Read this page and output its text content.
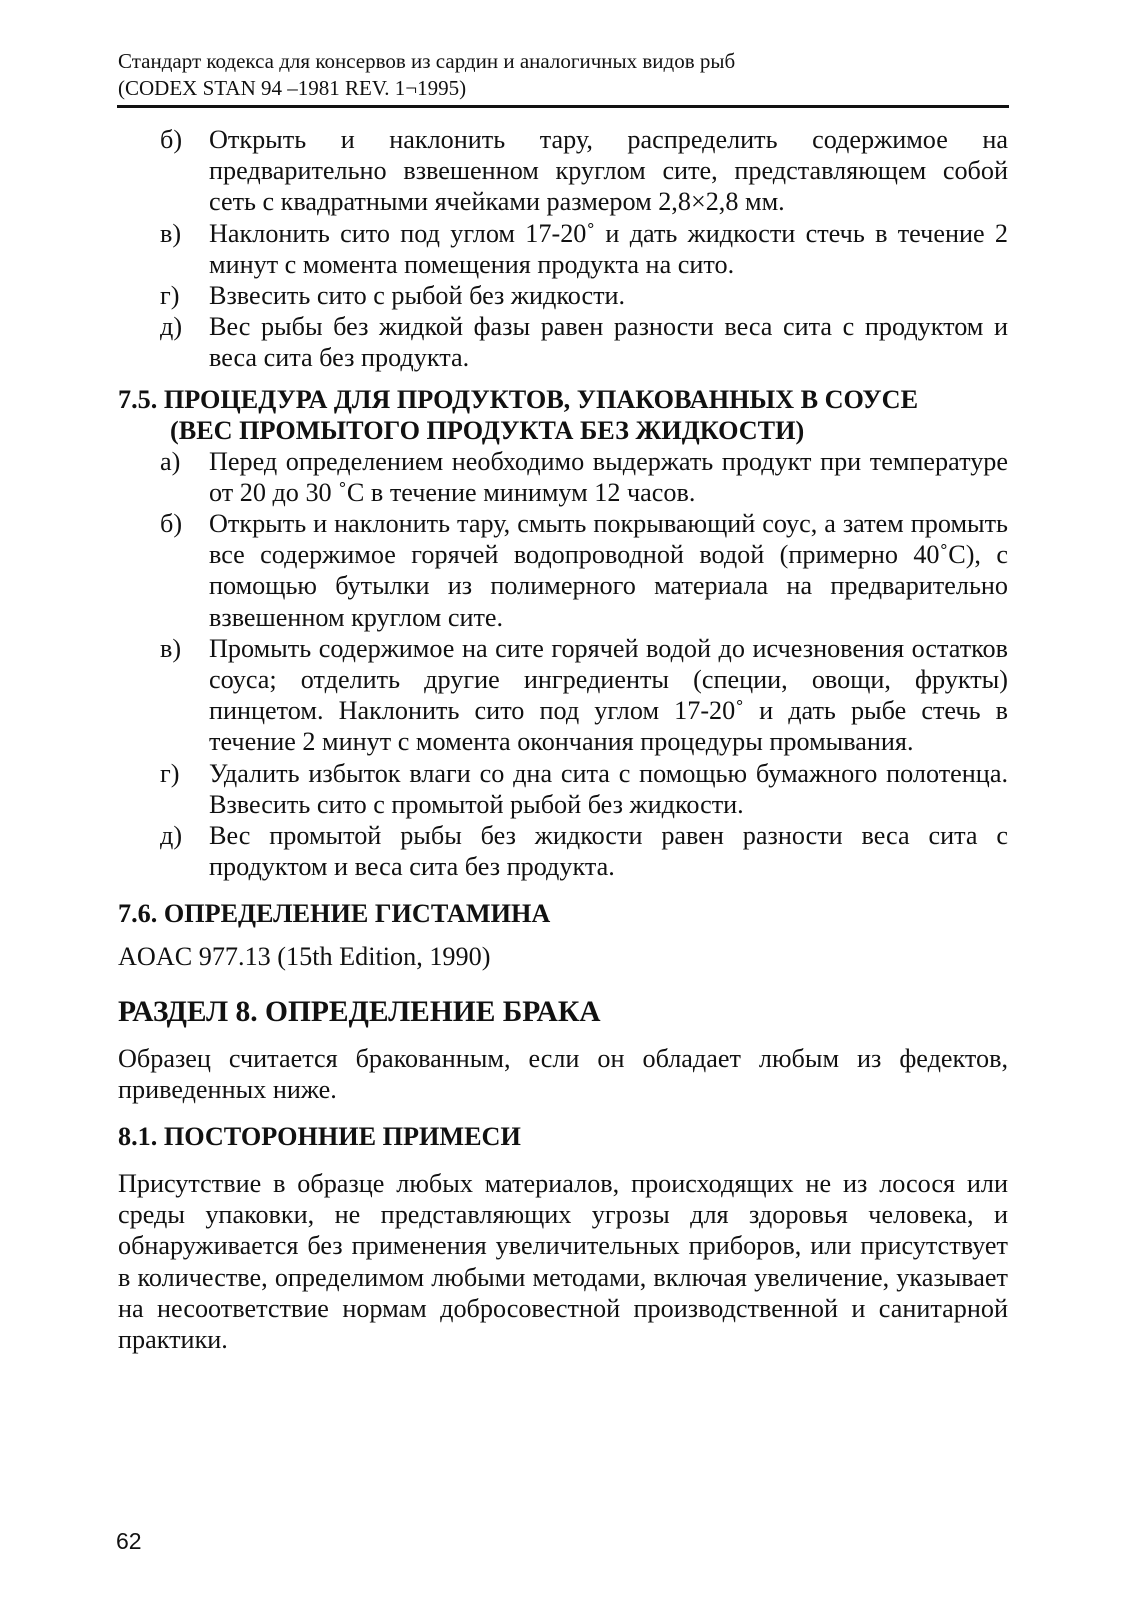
Стандарт кодекса для консервов из сардин и аналогичных видов рыб
(CODEX STAN 94 –1981 REV. 1¬1995)
б) Открыть и наклонить тару, распределить содержимое на предварительно взвешенном круглом сите, представляющем собой сеть с квадратными ячейками размером 2,8×2,8 мм.
в) Наклонить сито под углом 17-20˚ и дать жидкости стечь в течение 2 минут с момента помещения продукта на сито.
г) Взвесить сито с рыбой без жидкости.
д) Вес рыбы без жидкой фазы равен разности веса сита с продуктом и веса сита без продукта.
7.5. ПРОЦЕДУРА ДЛЯ ПРОДУКТОВ, УПАКОВАННЫХ В СОУСЕ
(ВЕС ПРОМЫТОГО ПРОДУКТА БЕЗ ЖИДКОСТИ)
а) Перед определением необходимо выдержать продукт при температуре от 20 до 30 ˚С в течение минимум 12 часов.
б) Открыть и наклонить тару, смыть покрывающий соус, а затем промыть все содержимое горячей водопроводной водой (примерно 40˚С), с помощью бутылки из полимерного материала на предварительно взвешенном круглом сите.
в) Промыть содержимое на сите горячей водой до исчезновения остатков соуса; отделить другие ингредиенты (специи, овощи, фрукты) пинцетом. Наклонить сито под углом 17-20˚ и дать рыбе стечь в течение 2 минут с момента окончания процедуры промывания.
г) Удалить избыток влаги со дна сита с помощью бумажного полотенца. Взвесить сито с промытой рыбой без жидкости.
д) Вес промытой рыбы без жидкости равен разности веса сита с продуктом и веса сита без продукта.
7.6. ОПРЕДЕЛЕНИЕ ГИСТАМИНА
AOAC 977.13 (15th Edition, 1990)
РАЗДЕЛ 8. ОПРЕДЕЛЕНИЕ БРАКА
Образец считается бракованным, если он обладает любым из федектов, приведенных ниже.
8.1. ПОСТОРОННИЕ ПРИМЕСИ
Присутствие в образце любых материалов, происходящих не из лосося или среды упаковки, не представляющих угрозы для здоровья человека, и обнаруживается без применения увеличительных приборов, или присутствует в количестве, определимом любыми методами, включая увеличение, указывает на несоответствие нормам добросовестной производственной и санитарной практики.
62
